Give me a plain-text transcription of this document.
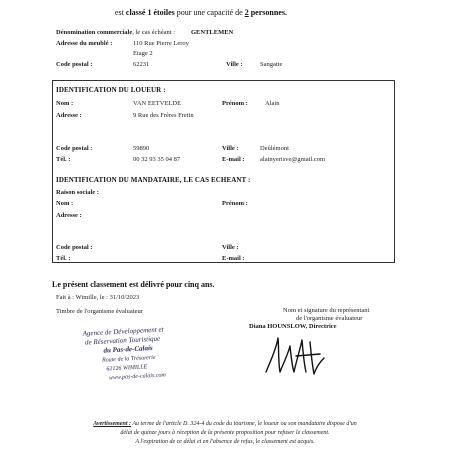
est classé 1 étoiles pour une capacité de 2 personnes.
Dénomination commerciale, le cas échéant : GENTLEMEN
Adresse du meublé :	110 Rue Pierre Leroy
Etage 2
Code postal :	62231	Ville :	Sangatte
IDENTIFICATION DU LOUEUR :
Nom :	VAN EETVELDE	Prénom :	Alain
Adresse :	9 Rue des Frères Fretin
Code postal :	59890	Ville :	Deûlémont
Tél. :	00 32 93 35 04 87	E-mail : alainyerisve@gmail.com
IDENTIFICATION DU MANDATAIRE, LE CAS ECHEANT :
Raison sociale :
Nom :	Prénom :
Adresse :
Code postal :	Ville :
Tél. :	E-mail :
Le présent classement est délivré pour cinq ans.
Fait à : Wimille, le : 31/10/2023
Timbre de l'organisme évaluateur	Nom et signature du représentant
de l'organisme évaluateur
Diana HOUNSLOW, Directrice
Agence de Développement et
de Réservation Touristique
du Pas-de-Calais
Route de la Trésorerie
62126 WIMILLE
www.pas-de-calais.com
Avertissement : Au terme de l'article D. 324-4 du code du tourisme, le loueur ou son mandataire dispose d'un
délai de quinze jours à réception de la présente proposition pour refuser le classement.
A l'expiration de ce délai et en l'absence de refus, le classement est acquis.
